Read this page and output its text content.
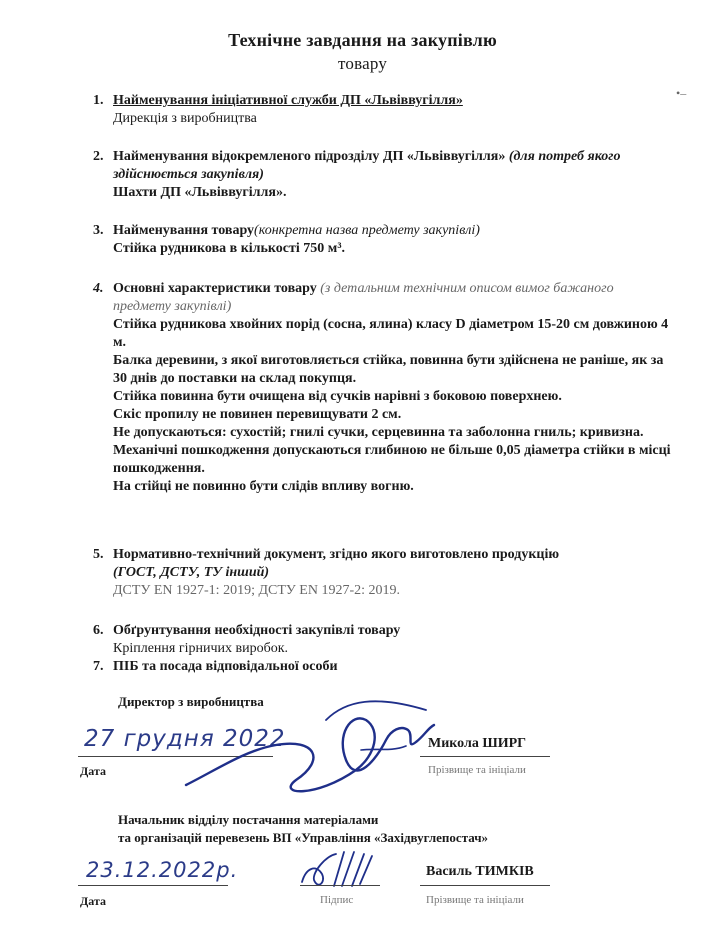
•–
Технічне завдання на закупівлю
товару
1. Найменування ініціативної служби ДП «Львіввугілля»
Дирекція з виробництва
2. Найменування відокремленого підрозділу ДП «Львіввугілля» (для потреб якого здійснюється закупівля)
Шахти ДП «Львіввугілля».
3. Найменування товару(конкретна назва предмету закупівлі)
Стійка рудникова в кількості 750 м³.
4. Основні характеристики товару (з детальним технічним описом вимог бажаного предмету закупівлі)
Стійка рудникова хвойних порід (сосна, ялина) класу D діаметром 15-20 см довжиною 4 м.
Балка деревини, з якої виготовляється стійка, повинна бути здійснена не раніше, як за 30 днів до поставки на склад покупця.
Стійка повинна бути очищена від сучків нарівні з боковою поверхнею.
Скіс пропилу не повинен перевищувати 2 см.
Не допускаються: сухостій; гнилі сучки, серцевинна та заболонна гниль; кривизна.
Механічні пошкодження допускаються глибиною не більше 0,05 діаметра стійки в місці пошкодження.
На стійці не повинно бути слідів впливу вогню.
5. Нормативно-технічний документ, згідно якого виготовлено продукцію
(ГОСТ, ДСТУ, ТУ інший)
ДСТУ EN 1927-1: 2019; ДСТУ EN 1927-2: 2019.
6. Обґрунтування необхідності закупівлі товару
Кріплення гірничих виробок.
7. ПІБ та посада відповідальної особи
Директор з виробництва
27 грудня 2022
Дата
Микола ШИРГ
Прізвище та ініціали
Начальник відділу постачання матеріалами
та організацій перевезень ВП «Управління «Західвуглепостач»
23.12.2022р.
Дата	Підпис
Василь ТИМКІВ
Прізвище та ініціали
